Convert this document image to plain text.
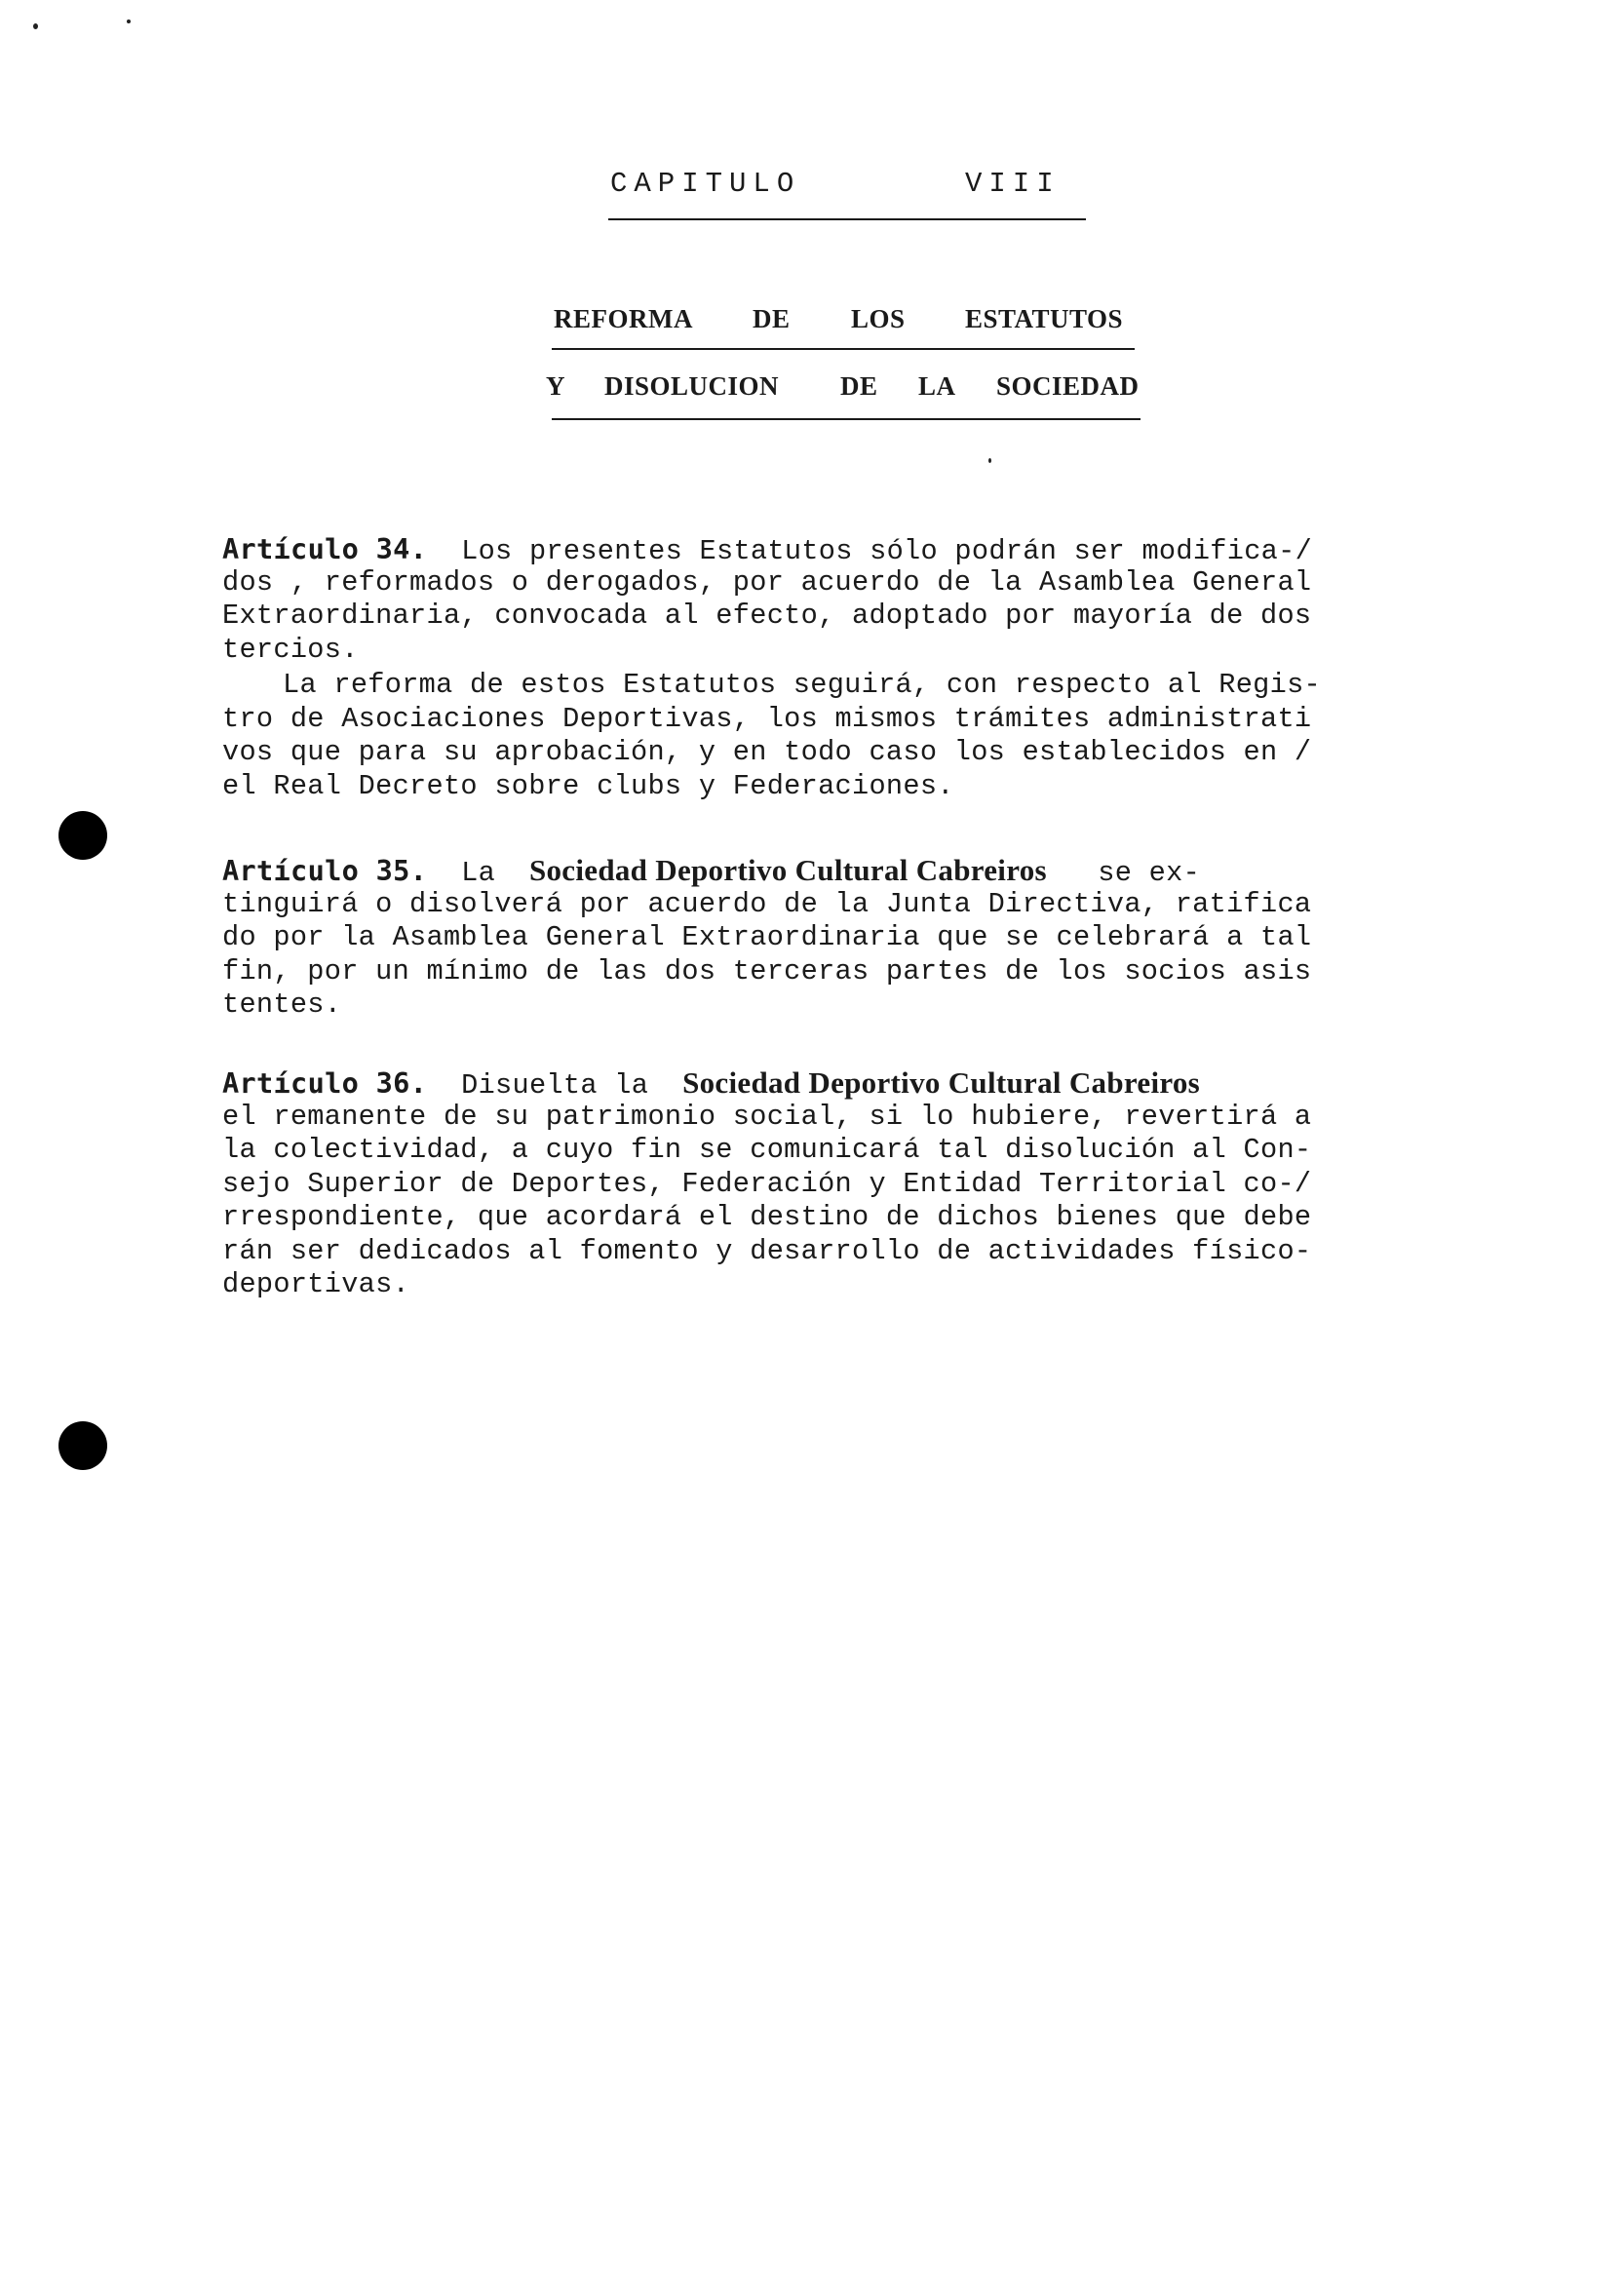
CAPITULO	VIII
REFORMA DE LOS ESTATUTOS
Y DISOLUCION DE LA SOCIEDAD
Artículo 34. Los presentes Estatutos sólo podrán ser modifica-/
dos , reformados o derogados, por acuerdo de la Asamblea General
Extraordinaria, convocada al efecto, adoptado por mayoría de dos
tercios.
La reforma de estos Estatutos seguirá, con respecto al Regis-
tro de Asociaciones Deportivas, los mismos trámites administrati
vos que para su aprobación, y en todo caso los establecidos en /
el Real Decreto sobre clubs y Federaciones.
Artículo 35. La Sociedad Deportivo Cultural Cabreiros se ex-
tinguirá o disolverá por acuerdo de la Junta Directiva, ratifica
do por la Asamblea General Extraordinaria que se celebrará a tal
fin, por un mínimo de las dos terceras partes de los socios asis
tentes.
Artículo 36. Disuelta la Sociedad Deportivo Cultural Cabreiros
el remanente de su patrimonio social, si lo hubiere, revertirá a
la colectividad, a cuyo fin se comunicará tal disolución al Con-
sejo Superior de Deportes, Federación y Entidad Territorial co-/
rrespondiente, que acordará el destino de dichos bienes que debe
rán ser dedicados al fomento y desarrollo de actividades físico-
deportivas.
